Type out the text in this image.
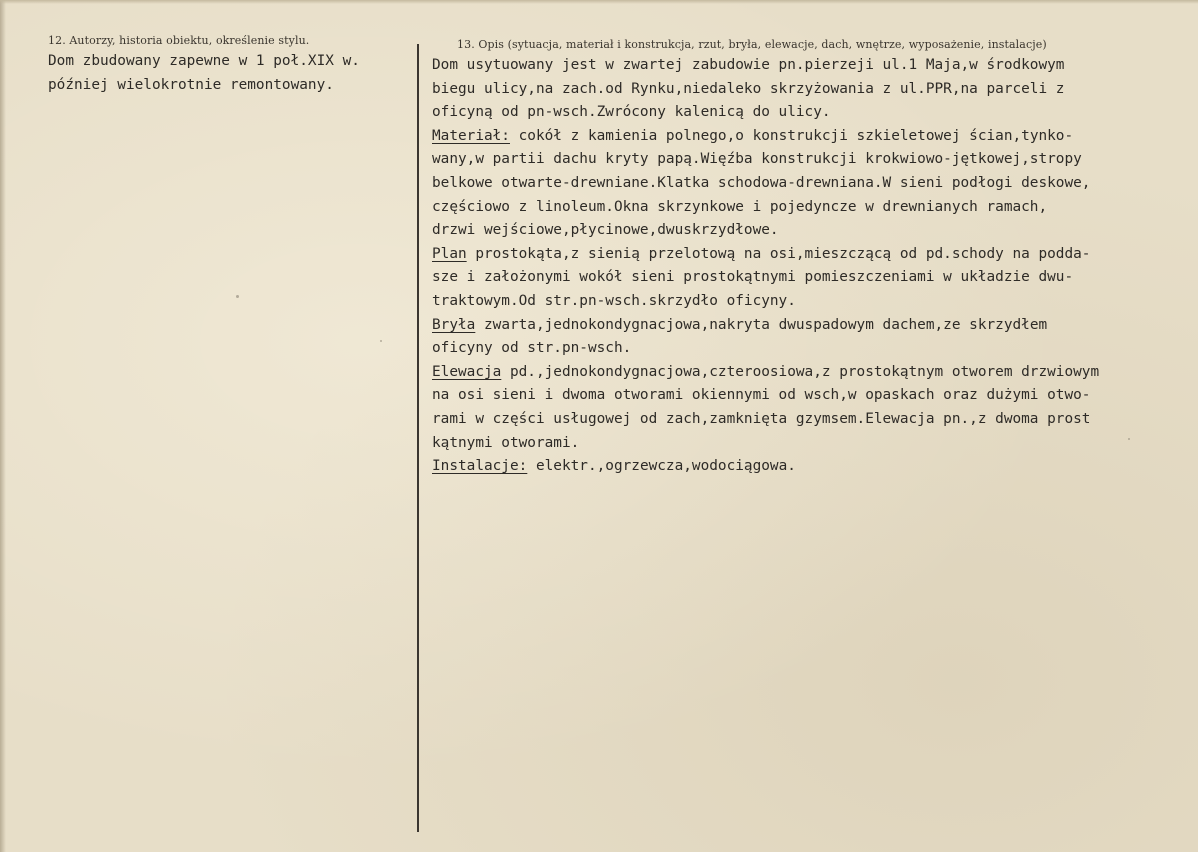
12. Autorzy, historia obiektu, określenie stylu.	13. Opis (sytuacja, materiał i konstrukcja, rzut, bryła, elewacje, dach, wnętrze, wyposażenie, instalacje)
Dom zbudowany zapewne w 1 poł.XIX w.
później wielokrotnie remontowany.
Dom usytuowany jest w zwartej zabudowie pn.pierzeji ul.1 Maja,w środkowym
biegu ulicy,na zach.od Rynku,niedaleko skrzyżowania z ul.PPR,na parceli z
oficyną od pn-wsch.Zwrócony kalenicą do ulicy.
Materiał: cokół z kamienia polnego,o konstrukcji szkieletowej ścian,tynko-
wany,w partii dachu kryty papą.Więźba konstrukcji krokwiowo-jętkowej,stropy
belkowe otwarte-drewniane.Klatka schodowa-drewniana.W sieni podłogi deskowe,
częściowo z linoleum.Okna skrzynkowe i pojedyncze w drewnianych ramach,
drzwi wejściowe,płycinowe,dwuskrzydłowe.
Plan prostokąta,z sienią przelotową na osi,mieszczącą od pd.schody na podda-
sze i założonymi wokół sieni prostokątnymi pomieszczeniami w układzie dwu-
traktowym.Od str.pn-wsch.skrzydło oficyny.
Bryła zwarta,jednokondygnacjowa,nakryta dwuspadowym dachem,ze skrzydłem
oficyny od str.pn-wsch.
Elewacja pd.,jednokondygnacjowa,czteroosiowa,z prostokątnym otworem drzwiowym
na osi sieni i dwoma otworami okiennymi od wsch,w opaskach oraz dużymi otwo-
rami w części usługowej od zach,zamknięta gzymsem.Elewacja pn.,z dwoma prost
kątnymi otworami.
Instalacje: elektr.,ogrzewcza,wodociągowa.
